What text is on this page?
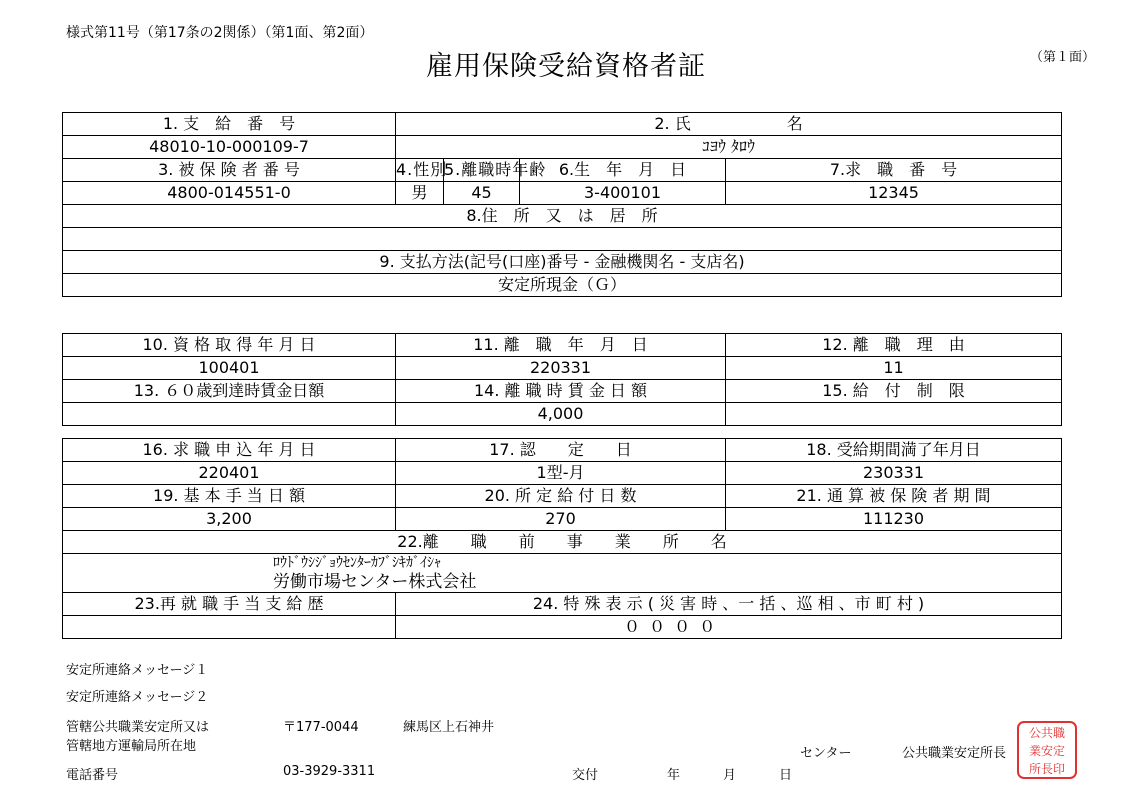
様式第11号（第17条の2関係）（第1面、第2面）
雇用保険受給資格者証	（第１面）
1. 支　給　番　号	2. 氏　　　　　　名			
48010-10-000109-7	ｺﾖｳ ﾀﾛｳ			
3. 被 保 険 者 番 号	4.性別	5.離職時年齢	6.生　年　月　日	7.求　職　番　号
4800-014551-0	男	45	3-400101	12345
8.住　所　又　は　居　所				

9. 支払方法(記号(口座)番号 - 金融機関名 - 支店名)				
安定所現金（Ｇ）				
10. 資 格 取 得 年 月 日	11. 離　職　年　月　日	12. 離　職　理　由
100401	220331	11
13. ６０歳到達時賃金日額	14. 離 職 時 賃 金 日 額	15. 給　付　制　限
	4,000	
16. 求 職 申 込 年 月 日	17. 認　　定　　日	18. 受給期間満了年月日
220401	1型-月	230331
19. 基 本 手 当 日 額	20. 所 定 給 付 日 数	21. 通 算 被 保 険 者 期 間
3,200	270	111230
22.離　　職　　前　　事　　業　　所　　名		

ﾛｳﾄﾞｳｼｼﾞｮｳｾﾝﾀｰｶﾌﾞｼｷｶﾞｲｼｬ
労働市場センター株式会社		

23.再 就 職 手 当 支 給 歴	24. 特 殊 表 示 ( 災 害 時 、一 括 、巡 相 、市 町 村 )	
	０ ０ ０ ０	
安定所連絡メッセージ１
安定所連絡メッセージ２
管轄公共職業安定所又は
管轄地方運輸局所在地
〒177-0044	練馬区上石神井
センター	公共職業安定所長
電話番号	03-3929-3311	交付	年	月	日
公共職
業安定
所長印
